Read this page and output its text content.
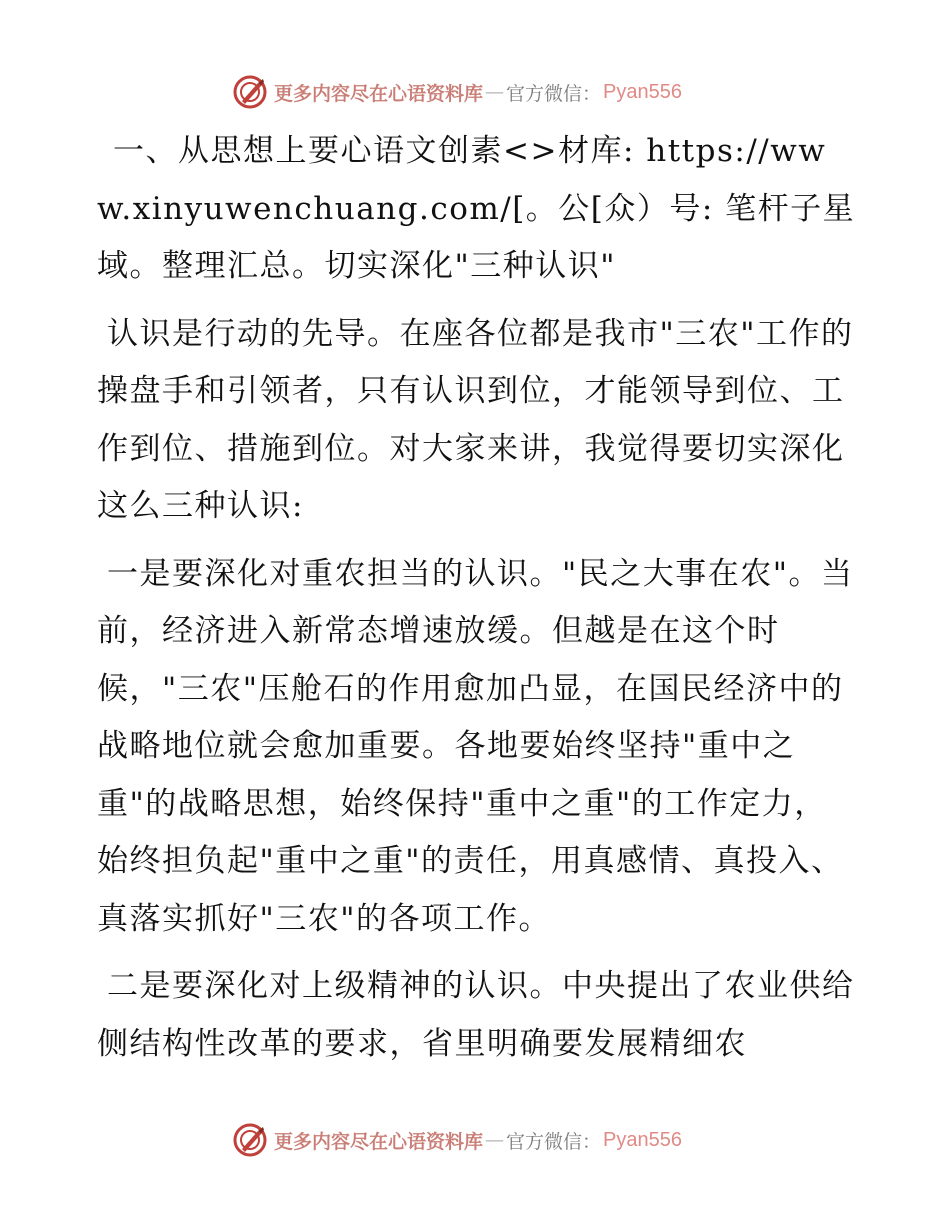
更多内容尽在心语资料库 — 官方微信： Pyan556

一、从思想上要心语文创素<>材库: https://www.xinyuwenchuang.com/[。公[众）号: 笔杆子星域。整理汇总。切实深化"三种认识"

认识是行动的先导。在座各位都是我市"三农"工作的操盘手和引领者，只有认识到位，才能领导到位、工作到位、措施到位。对大家来讲，我觉得要切实深化这么三种认识:

一是要深化对重农担当的认识。"民之大事在农"。当前，经济进入新常态增速放缓。但越是在这个时候，"三农"压舱石的作用愈加凸显，在国民经济中的战略地位就会愈加重要。各地要始终坚持"重中之重"的战略思想，始终保持"重中之重"的工作定力，始终担负起"重中之重"的责任，用真感情、真投入、真落实抓好"三农"的各项工作。

二是要深化对上级精神的认识。中央提出了农业供给侧结构性改革的要求，省里明确要发展精细农

更多内容尽在心语资料库 — 官方微信： Pyan556
